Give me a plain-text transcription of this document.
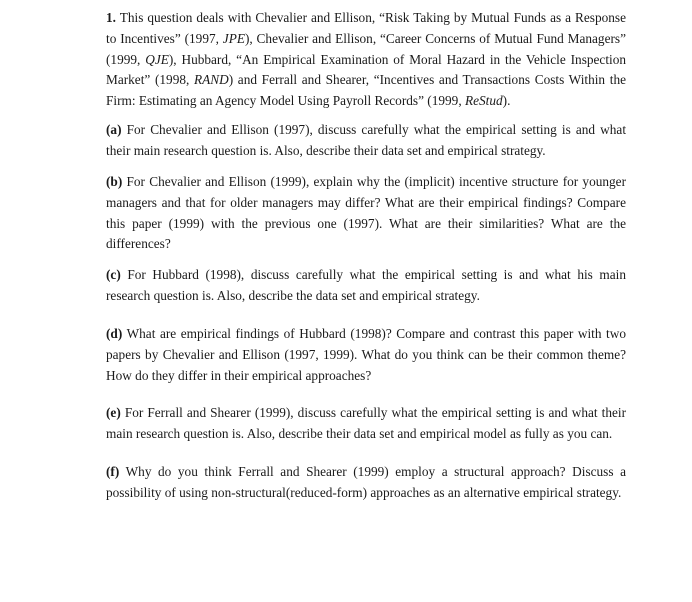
1. This question deals with Chevalier and Ellison, “Risk Taking by Mutual Funds as a Response to Incentives” (1997, JPE), Chevalier and Ellison, “Career Concerns of Mutual Fund Managers” (1999, QJE), Hubbard, “An Empirical Examination of Moral Hazard in the Vehicle Inspection Market” (1998, RAND) and Ferrall and Shearer, “Incentives and Transactions Costs Within the Firm: Estimating an Agency Model Using Payroll Records” (1999, ReStud).

(a) For Chevalier and Ellison (1997), discuss carefully what the empirical setting is and what their main research question is. Also, describe their data set and empirical strategy.

(b) For Chevalier and Ellison (1999), explain why the (implicit) incentive structure for younger managers and that for older managers may differ? What are their empirical findings? Compare this paper (1999) with the previous one (1997). What are their similarities? What are the differences?

(c) For Hubbard (1998), discuss carefully what the empirical setting is and what his main research question is. Also, describe the data set and empirical strategy.

(d) What are empirical findings of Hubbard (1998)? Compare and contrast this paper with two papers by Chevalier and Ellison (1997, 1999). What do you think can be their common theme? How do they differ in their empirical approaches?

(e) For Ferrall and Shearer (1999), discuss carefully what the empirical setting is and what their main research question is. Also, describe their data set and empirical model as fully as you can.

(f) Why do you think Ferrall and Shearer (1999) employ a structural approach? Discuss a possibility of using non-structural(reduced-form) approaches as an alternative empirical strategy.
